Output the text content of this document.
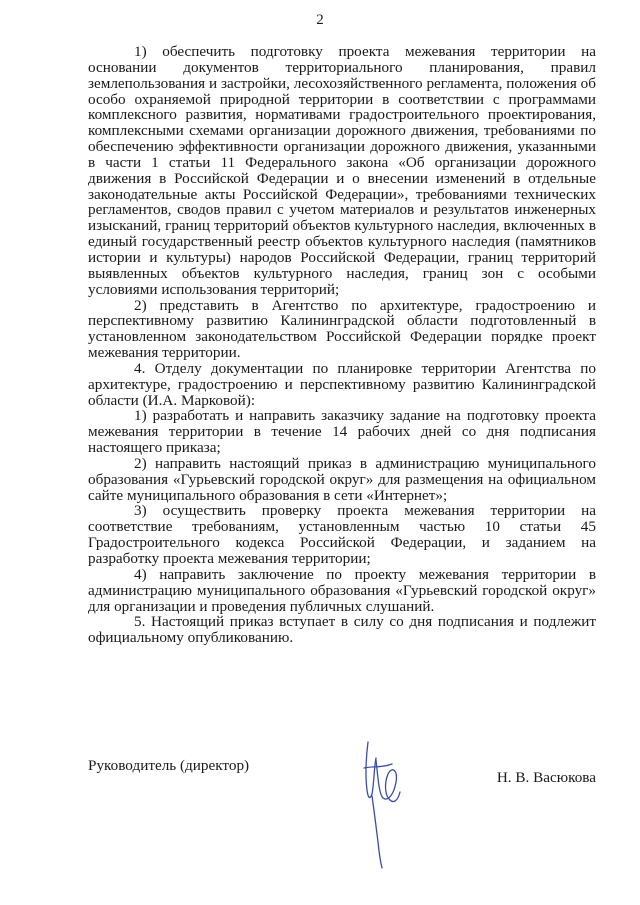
2

1) обеспечить подготовку проекта межевания территории на основании документов территориального планирования, правил землепользования и застройки, лесохозяйственного регламента, положения об особо охраняемой природной территории в соответствии с программами комплексного развития, нормативами градостроительного проектирования, комплексными схемами организации дорожного движения, требованиями по обеспечению эффективности организации дорожного движения, указанными в части 1 статьи 11 Федерального закона «Об организации дорожного движения в Российской Федерации и о внесении изменений в отдельные законодательные акты Российской Федерации», требованиями технических регламентов, сводов правил с учетом материалов и результатов инженерных изысканий, границ территорий объектов культурного наследия, включенных в единый государственный реестр объектов культурного наследия (памятников истории и культуры) народов Российской Федерации, границ территорий выявленных объектов культурного наследия, границ зон с особыми условиями использования территорий;

2) представить в Агентство по архитектуре, градостроению и перспективному развитию Калининградской области подготовленный в установленном законодательством Российской Федерации порядке проект межевания территории.

4. Отделу документации по планировке территории Агентства по архитектуре, градостроению и перспективному развитию Калининградской области (И.А. Марковой):

1) разработать и направить заказчику задание на подготовку проекта межевания территории в течение 14 рабочих дней со дня подписания настоящего приказа;

2) направить настоящий приказ в администрацию муниципального образования «Гурьевский городской округ» для размещения на официальном сайте муниципального образования в сети «Интернет»;

3) осуществить проверку проекта межевания территории на соответствие требованиям, установленным частью 10 статьи 45 Градостроительного кодекса Российской Федерации, и заданием на разработку проекта межевания территории;

4) направить заключение по проекту межевания территории в администрацию муниципального образования «Гурьевский городской округ» для организации и проведения публичных слушаний.

5. Настоящий приказ вступает в силу со дня подписания и подлежит официальному опубликованию.

Руководитель (директор)
Н. В. Васюкова
